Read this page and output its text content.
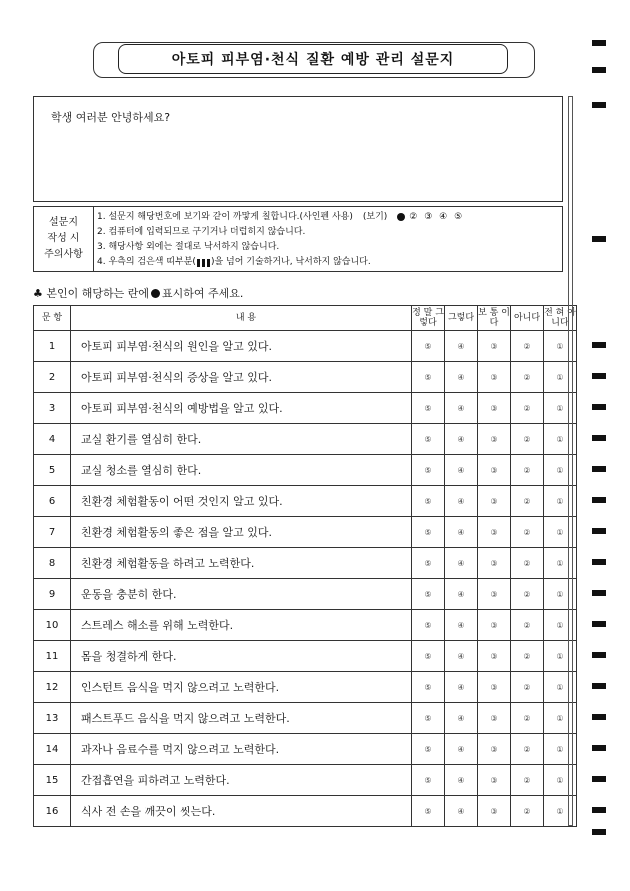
아토피 피부염·천식 질환 예방 관리 설문지
학생 여러분 안녕하세요?
설문지
작성 시
주의사항
1. 설문지 해당번호에 보기와 같이 까맣게 칠합니다.(사인펜 사용) (보기)	② ③ ④ ⑤
2. 컴퓨터에 입력되므로 구기거나 더럽히지 않습니다.
3. 해당사항 외에는 절대로 낙서하지 않습니다.
4. 우측의 검은색 띠부분( )을 넘어 기술하거나, 낙서하지 않습니다.
♣ 본인이 해당하는 란에 표시하여 주세요.
문 항	내 용	정 말 그렇다	그렇다	보 통 이 다	아니다	전 혀 아니다
1	아토피 피부염·천식의 원인을 알고 있다.	⑤	④	③	②	①
2	아토피 피부염·천식의 증상을 알고 있다.	⑤	④	③	②	①
3	아토피 피부염·천식의 예방법을 알고 있다.	⑤	④	③	②	①
4	교실 환기를 열심히 한다.	⑤	④	③	②	①
5	교실 청소를 열심히 한다.	⑤	④	③	②	①
6	친환경 체험활동이 어떤 것인지 알고 있다.	⑤	④	③	②	①
7	친환경 체험활동의 좋은 점을 알고 있다.	⑤	④	③	②	①
8	친환경 체험활동을 하려고 노력한다.	⑤	④	③	②	①
9	운동을 충분히 한다.	⑤	④	③	②	①
10	스트레스 해소를 위해 노력한다.	⑤	④	③	②	①
11	몸을 청결하게 한다.	⑤	④	③	②	①
12	인스턴트 음식을 먹지 않으려고 노력한다.	⑤	④	③	②	①
13	패스트푸드 음식을 먹지 않으려고 노력한다.	⑤	④	③	②	①
14	과자나 음료수를 먹지 않으려고 노력한다.	⑤	④	③	②	①
15	간접흡연을 피하려고 노력한다.	⑤	④	③	②	①
16	식사 전 손을 깨끗이 씻는다.	⑤	④	③	②	①
